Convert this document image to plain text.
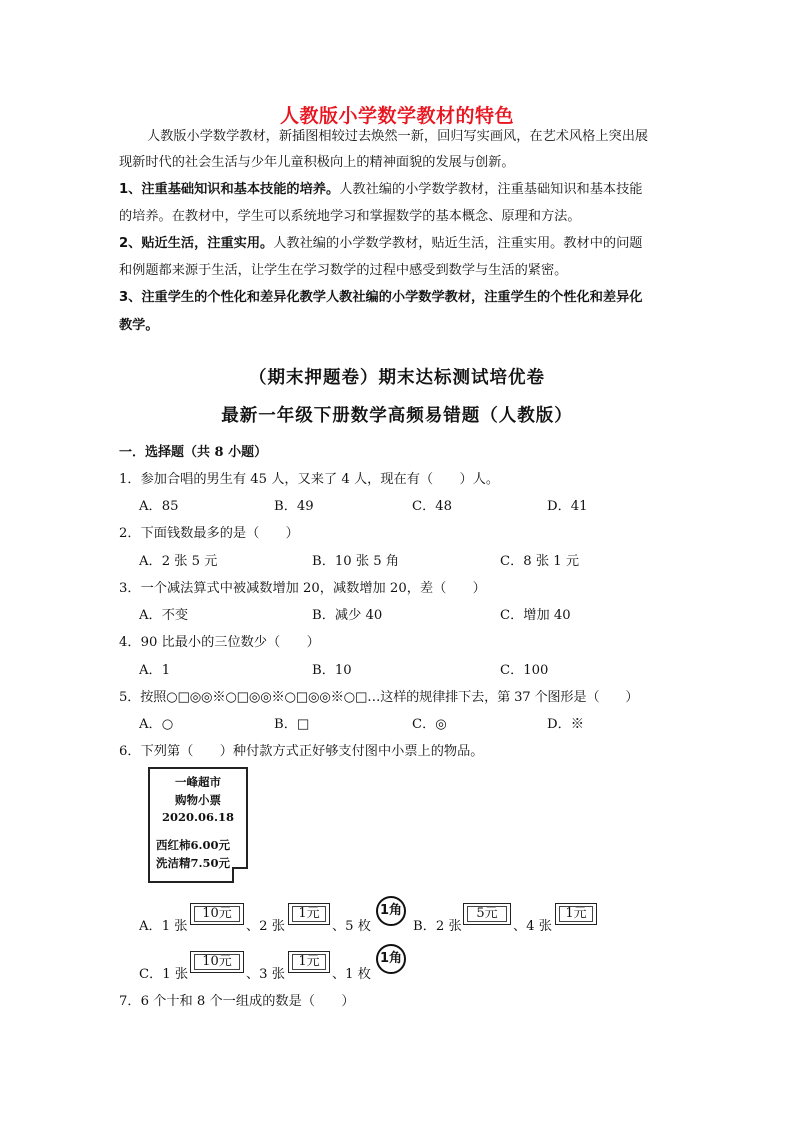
人教版小学数学教材的特色
人教版小学数学教材，新插图相较过去焕然一新，回归写实画风，在艺术风格上突出展
现新时代的社会生活与少年儿童积极向上的精神面貌的发展与创新。
1、注重基础知识和基本技能的培养。人教社编的小学数学教材，注重基础知识和基本技能
的培养。在教材中，学生可以系统地学习和掌握数学的基本概念、原理和方法。
2、贴近生活，注重实用。人教社编的小学数学教材，贴近生活，注重实用。教材中的问题
和例题都来源于生活，让学生在学习数学的过程中感受到数学与生活的紧密。
3、注重学生的个性化和差异化教学人教社编的小学数学教材，注重学生的个性化和差异化
教学。
（期末押题卷）期末达标测试培优卷
最新一年级下册数学高频易错题（人教版）
一．选择题（共 8 小题）
1．参加合唱的男生有 45 人，又来了 4 人，现在有（　　）人。
A．85	B．49	C．48	D．41
2．下面钱数最多的是（　　）
A．2 张 5 元	B．10 张 5 角	C．8 张 1 元
3．一个减法算式中被减数增加 20，减数增加 20，差（　　）
A．不变	B．减少 40	C．增加 40
4．90 比最小的三位数少（　　）
A．1	B．10	C．100
5．按照○□◎◎※○□◎◎※○□◎◎※○□…这样的规律排下去，第 37 个图形是（　　）
A．○	B．□	C．◎	D．※
6．下列第（　　）种付款方式正好够支付图中小票上的物品。
一峰超市
购物小票
2020.06.18
西红柿6.00元
洗洁精7.50元
A．1 张
10元
、2 张
1元
、5 枚
1角
B．2 张
5元
、4 张
1元
C．1 张
10元
、3 张
1元
、1 枚
1角
7．6 个十和 8 个一组成的数是（　　）
